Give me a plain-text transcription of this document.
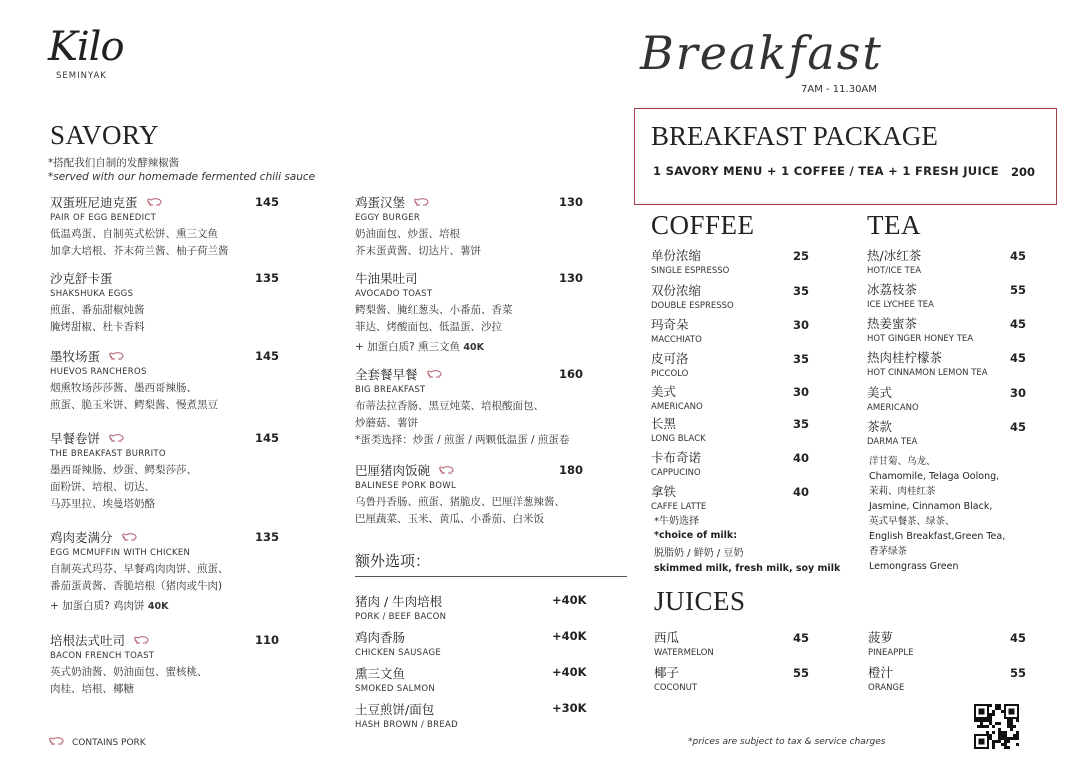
Kilo
SEMINYAK	Breakfast
7AM - 11.30AM
SAVORY
*搭配我们自制的发酵辣椒酱
*served with our homemade fermented chili sauce
双蛋班尼迪克蛋
PAIR OF EGG BENEDICT
低温鸡蛋、自制英式松饼、熏三文鱼
加拿大培根、芥末荷兰酱、柚子荷兰酱
145
沙克舒卡蛋
SHAKSHUKA EGGS
煎蛋、番茄甜椒炖酱
腌烤甜椒、杜卡香料
135
墨牧场蛋
HUEVOS RANCHEROS
烟熏牧场莎莎酱、墨西哥辣肠、
煎蛋、脆玉米饼、鳄梨酱、慢煮黑豆
145
早餐卷饼
THE BREAKFAST BURRITO
墨西哥辣肠、炒蛋、鳄梨莎莎、
面粉饼、培根、切达、
马苏里拉、埃曼塔奶酪
145
鸡肉麦满分
EGG MCMUFFIN WITH CHICKEN
自制英式玛芬、早餐鸡肉肉饼、煎蛋、
番茄蛋黄酱、香脆培根（猪肉或牛肉)
+ 加蛋白质? 鸡肉饼 40K
135
培根法式吐司
BACON FRENCH TOAST
英式奶油酱、奶油面包、蜜核桃、
肉桂、培根、椰糖
110
鸡蛋汉堡
EGGY BURGER
奶油面包、炒蛋、培根
芥末蛋黄酱、切达片、薯饼
130
牛油果吐司
AVOCADO TOAST
鳄梨酱、腌红葱头、小番茄、香菜
菲达、烤酸面包、低温蛋、沙拉
+ 加蛋白质? 熏三文鱼 40K
130
全套餐早餐
BIG BREAKFAST
布蒂法拉香肠、黑豆炖菜、培根酸面包、
炒蘑菇、薯饼
*蛋类选择：炒蛋 / 煎蛋 / 两颗低温蛋 / 煎蛋卷
160
巴厘猪肉饭碗
BALINESE PORK BOWL
乌鲁丹香肠、煎蛋、猪脆皮、巴厘洋葱辣酱、
巴厘蔬菜、玉米、黄瓜、小番茄、白米饭
180
额外选项：
猪肉 / 牛肉培根
PORK / BEEF BACON
+40K
鸡肉香肠
CHICKEN SAUSAGE
+40K
熏三文鱼
SMOKED SALMON
+40K
土豆煎饼/面包
HASH BROWN / BREAD
+30K
CONTAINS PORK
BREAKFAST PACKAGE
1 SAVORY MENU + 1 COFFEE / TEA + 1 FRESH JUICE 200
COFFEE	TEA
单份浓缩
SINGLE ESPRESSO
25
双份浓缩
DOUBLE ESPRESSO
35
玛奇朵
MACCHIATO
30
皮可洛
PICCOLO
35
美式
AMERICANO
30
长黑
LONG BLACK
35
卡布奇诺
CAPPUCINO
40
拿铁
CAFFE LATTE
40
热/冰红茶
HOT/ICE TEA
45
冰荔枝茶
ICE LYCHEE TEA
55
热姜蜜茶
HOT GINGER HONEY TEA
45
热肉桂柠檬茶
HOT CINNAMON LEMON TEA
45
美式
AMERICANO
30
茶款
DARMA TEA
45
*牛奶选择
*choice of milk:
脱脂奶 / 鲜奶 / 豆奶
skimmed milk, fresh milk, soy milk
洋甘菊、乌龙、
Chamomile, Telaga Oolong,
茉莉、肉桂红茶
Jasmine, Cinnamon Black,
英式早餐茶、绿茶、
English Breakfast,Green Tea,
香茅绿茶
Lemongrass Green
JUICES
西瓜
WATERMELON
45
椰子
COCONUT
55
菠萝
PINEAPPLE
45
橙汁
ORANGE
55
*prices are subject to tax & service charges
